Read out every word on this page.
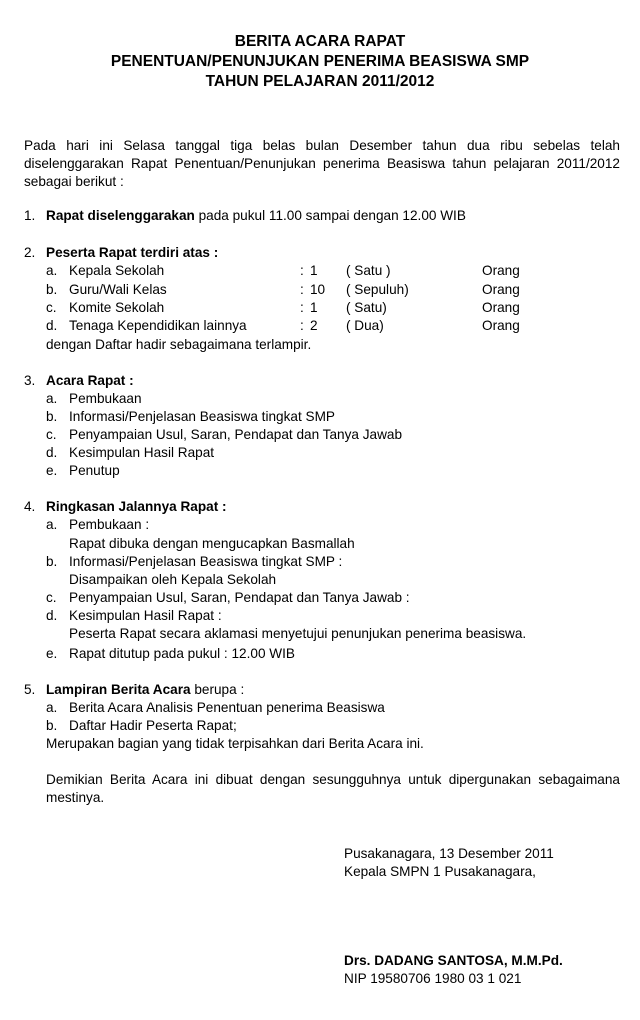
BERITA ACARA RAPAT
PENENTUAN/PENUNJUKAN PENERIMA BEASISWA SMP
TAHUN PELAJARAN 2011/2012
Pada hari ini Selasa tanggal tiga belas bulan Desember tahun dua ribu sebelas telah diselenggarakan Rapat Penentuan/Penunjukan penerima Beasiswa tahun pelajaran 2011/2012 sebagai berikut :
1. Rapat diselenggarakan pada pukul 11.00 sampai dengan 12.00 WIB
2. Peserta Rapat terdiri atas :
a. Kepala Sekolah	: 1 ( Satu )	Orang
b. Guru/Wali Kelas	: 10 ( Sepuluh)	Orang
c. Komite Sekolah	: 1 ( Satu)	Orang
d. Tenaga Kependidikan lainnya	: 2 ( Dua)	Orang
dengan Daftar hadir sebagaimana terlampir.
3. Acara Rapat :
a. Pembukaan
b. Informasi/Penjelasan Beasiswa tingkat SMP
c. Penyampaian Usul, Saran, Pendapat dan Tanya Jawab
d. Kesimpulan Hasil Rapat
e. Penutup
4. Ringkasan Jalannya Rapat :
a. Pembukaan :
Rapat dibuka dengan mengucapkan Basmallah
b. Informasi/Penjelasan Beasiswa tingkat SMP :
Disampaikan oleh Kepala Sekolah
c. Penyampaian Usul, Saran, Pendapat dan Tanya Jawab :
d. Kesimpulan Hasil Rapat :
Peserta Rapat secara aklamasi menyetujui penunjukan penerima beasiswa.
e. Rapat ditutup pada pukul : 12.00 WIB
5. Lampiran Berita Acara berupa :
a. Berita Acara Analisis Penentuan penerima Beasiswa
b. Daftar Hadir Peserta Rapat;
Merupakan bagian yang tidak terpisahkan dari Berita Acara ini.
Demikian Berita Acara ini dibuat dengan sesungguhnya untuk dipergunakan sebagaimana mestinya.
Pusakanagara, 13 Desember 2011
Kepala SMPN 1 Pusakanagara,
Drs. DADANG SANTOSA, M.M.Pd.
NIP 19580706 1980 03 1 021
